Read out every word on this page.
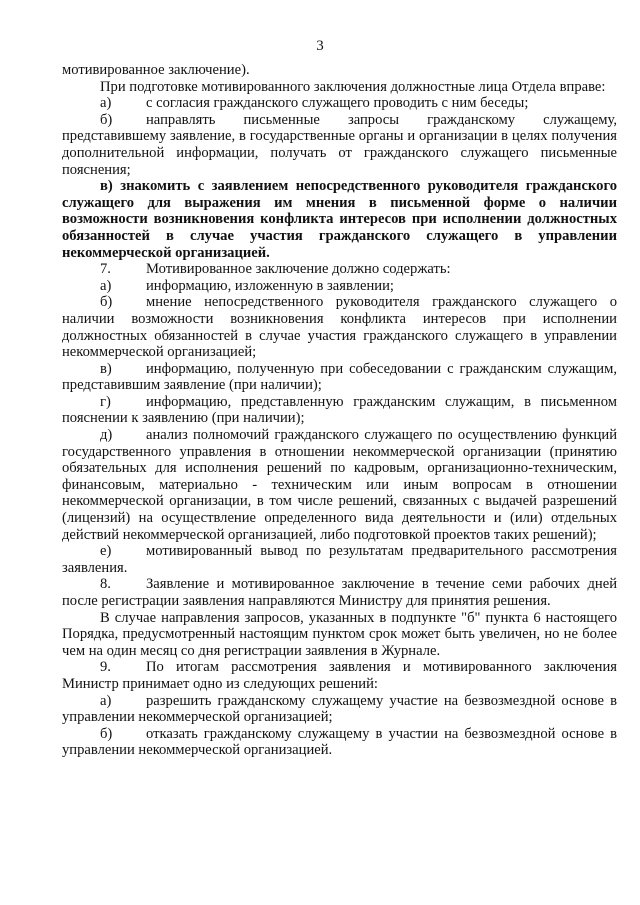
3

мотивированное заключение).

При подготовке мотивированного заключения должностные лица Отдела вправе:

а) с согласия гражданского служащего проводить с ним беседы;

б) направлять письменные запросы гражданскому служащему, представившему заявление, в государственные органы и организации в целях получения дополнительной информации, получать от гражданского служащего письменные пояснения;

в) знакомить с заявлением непосредственного руководителя гражданского служащего для выражения им мнения в письменной форме о наличии возможности возникновения конфликта интересов при исполнении должностных обязанностей в случае участия гражданского служащего в управлении некоммерческой организацией.

7. Мотивированное заключение должно содержать:

а) информацию, изложенную в заявлении;

б) мнение непосредственного руководителя гражданского служащего о наличии возможности возникновения конфликта интересов при исполнении должностных обязанностей в случае участия гражданского служащего в управлении некоммерческой организацией;

в) информацию, полученную при собеседовании с гражданским служащим, представившим заявление (при наличии);

г) информацию, представленную гражданским служащим, в письменном пояснении к заявлению (при наличии);

д) анализ полномочий гражданского служащего по осуществлению функций государственного управления в отношении некоммерческой организации (принятию обязательных для исполнения решений по кадровым, организационно-техническим, финансовым, материально - техническим или иным вопросам в отношении некоммерческой организации, в том числе решений, связанных с выдачей разрешений (лицензий) на осуществление определенного вида деятельности и (или) отдельных действий некоммерческой организацией, либо подготовкой проектов таких решений);

е) мотивированный вывод по результатам предварительного рассмотрения заявления.

8. Заявление и мотивированное заключение в течение семи рабочих дней после регистрации заявления направляются Министру для принятия решения.

В случае направления запросов, указанных в подпункте "б" пункта 6 настоящего Порядка, предусмотренный настоящим пунктом срок может быть увеличен, но не более чем на один месяц со дня регистрации заявления в Журнале.

9. По итогам рассмотрения заявления и мотивированного заключения Министр принимает одно из следующих решений:

а) разрешить гражданскому служащему участие на безвозмездной основе в управлении некоммерческой организацией;

б) отказать гражданскому служащему в участии на безвозмездной основе в управлении некоммерческой организацией.
